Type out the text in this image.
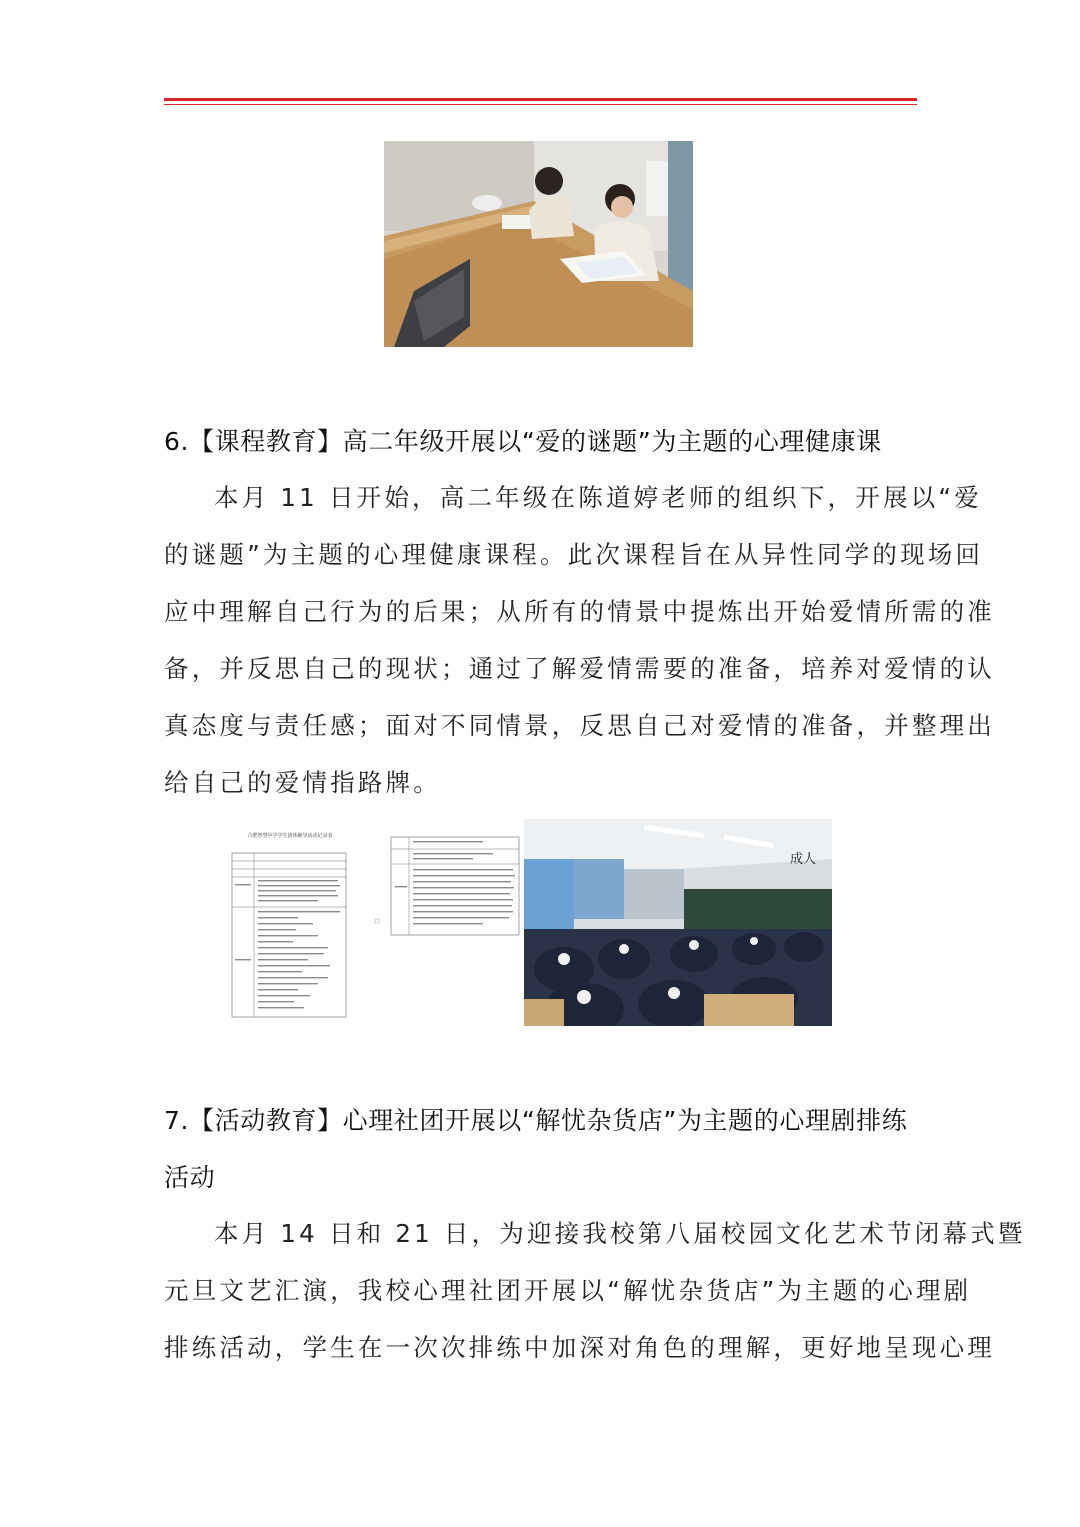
6.【课程教育】高二年级开展以“爱的谜题”为主题的心理健康课
本月 11 日开始，高二年级在陈道婷老师的组织下，开展以“爱
的谜题”为主题的心理健康课程。此次课程旨在从异性同学的现场回
应中理解自己行为的后果；从所有的情景中提炼出开始爱情所需的准
备，并反思自己的现状；通过了解爱情需要的准备，培养对爱情的认
真态度与责任感；面对不同情景，反思自己对爱情的准备，并整理出
给自己的爱情指路牌。
合肥智慧中学学生团体辅导活动记录表
成人
7.【活动教育】心理社团开展以“解忧杂货店”为主题的心理剧排练
活动
本月 14 日和 21 日，为迎接我校第八届校园文化艺术节闭幕式暨
元旦文艺汇演，我校心理社团开展以“解忧杂货店”为主题的心理剧
排练活动，学生在一次次排练中加深对角色的理解，更好地呈现心理
